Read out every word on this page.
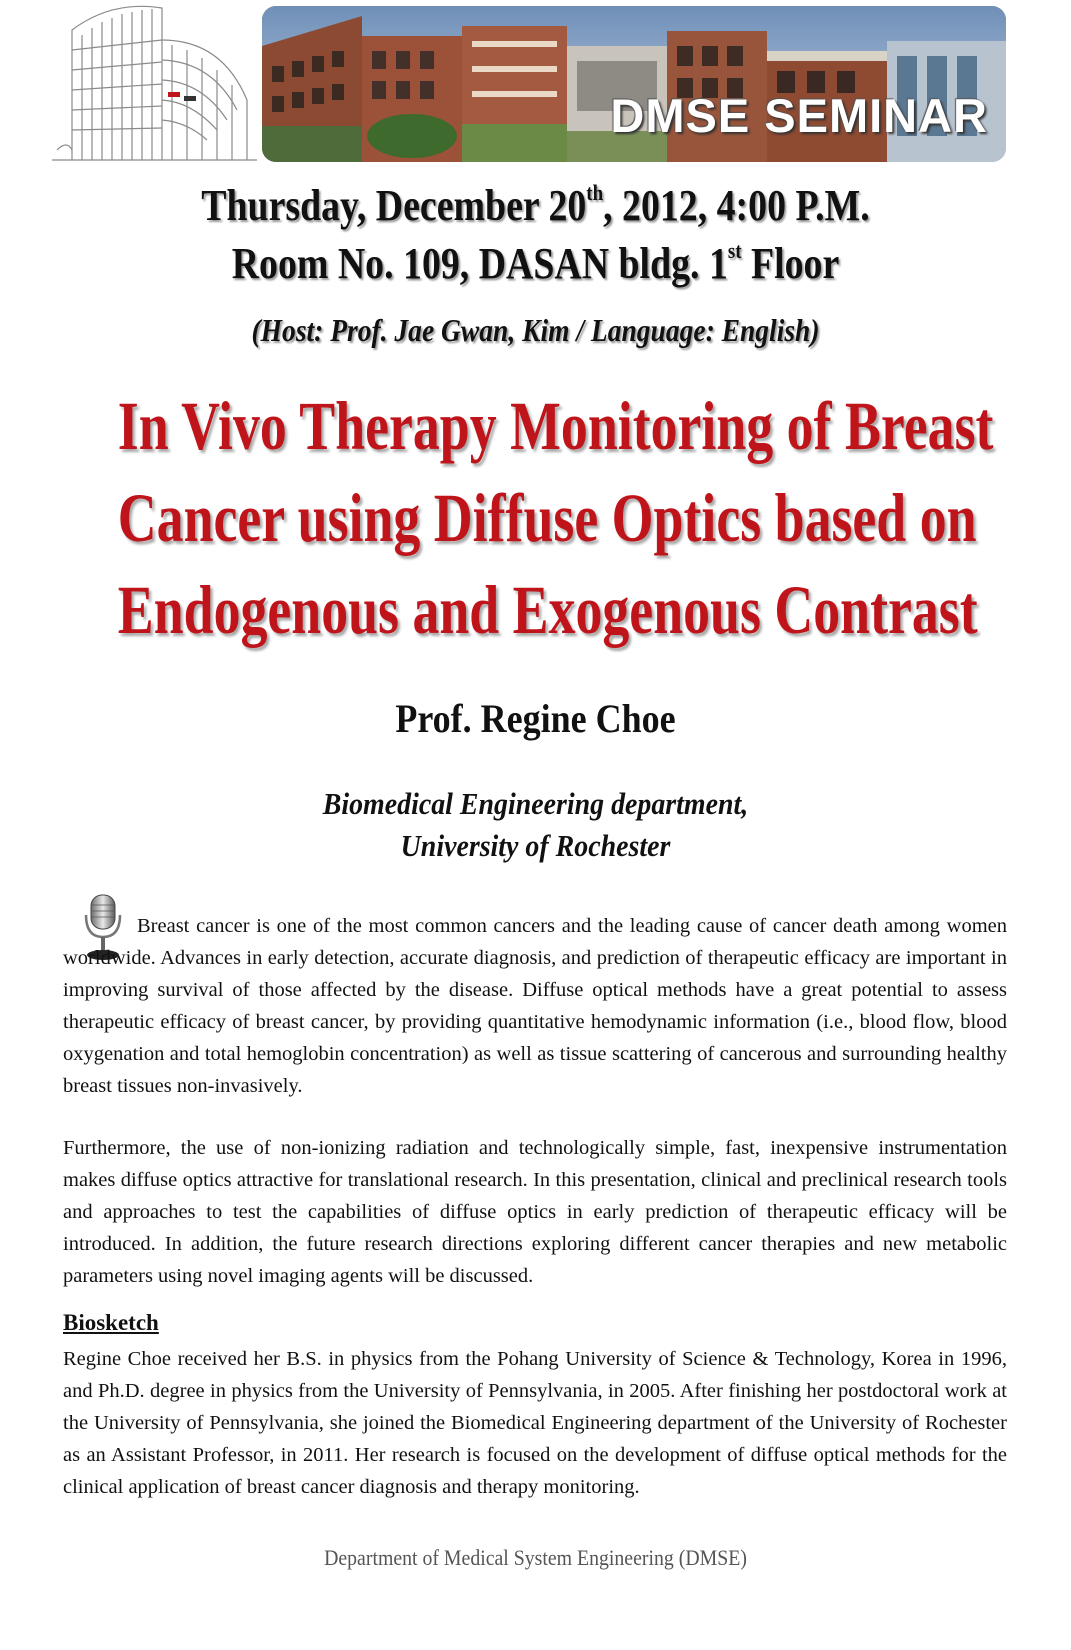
DMSE SEMINAR
Thursday, December 20th, 2012, 4:00 P.M.
Room No. 109, DASAN bldg. 1st Floor
(Host: Prof. Jae Gwan, Kim / Language: English)
In Vivo Therapy Monitoring of Breast
Cancer using Diffuse Optics based on
Endogenous and Exogenous Contrast
Prof. Regine Choe
Biomedical Engineering department,
University of Rochester
Breast cancer is one of the most common cancers and the leading cause of cancer death among women worldwide. Advances in early detection, accurate diagnosis, and prediction of therapeutic efficacy are important in improving survival of those affected by the disease. Diffuse optical methods have a great potential to assess therapeutic efficacy of breast cancer, by providing quantitative hemodynamic information (i.e., blood flow, blood oxygenation and total hemoglobin concentration) as well as tissue scattering of cancerous and surrounding healthy breast tissues non-invasively.
Furthermore, the use of non-ionizing radiation and technologically simple, fast, inexpensive instrumentation makes diffuse optics attractive for translational research. In this presentation, clinical and preclinical research tools and approaches to test the capabilities of diffuse optics in early prediction of therapeutic efficacy will be introduced. In addition, the future research directions exploring different cancer therapies and new metabolic parameters using novel imaging agents will be discussed.
Biosketch
Regine Choe received her B.S. in physics from the Pohang University of Science & Technology, Korea in 1996, and Ph.D. degree in physics from the University of Pennsylvania, in 2005. After finishing her postdoctoral work at the University of Pennsylvania, she joined the Biomedical Engineering department of the University of Rochester as an Assistant Professor, in 2011. Her research is focused on the development of diffuse optical methods for the clinical application of breast cancer diagnosis and therapy monitoring.
Department of Medical System Engineering (DMSE)
